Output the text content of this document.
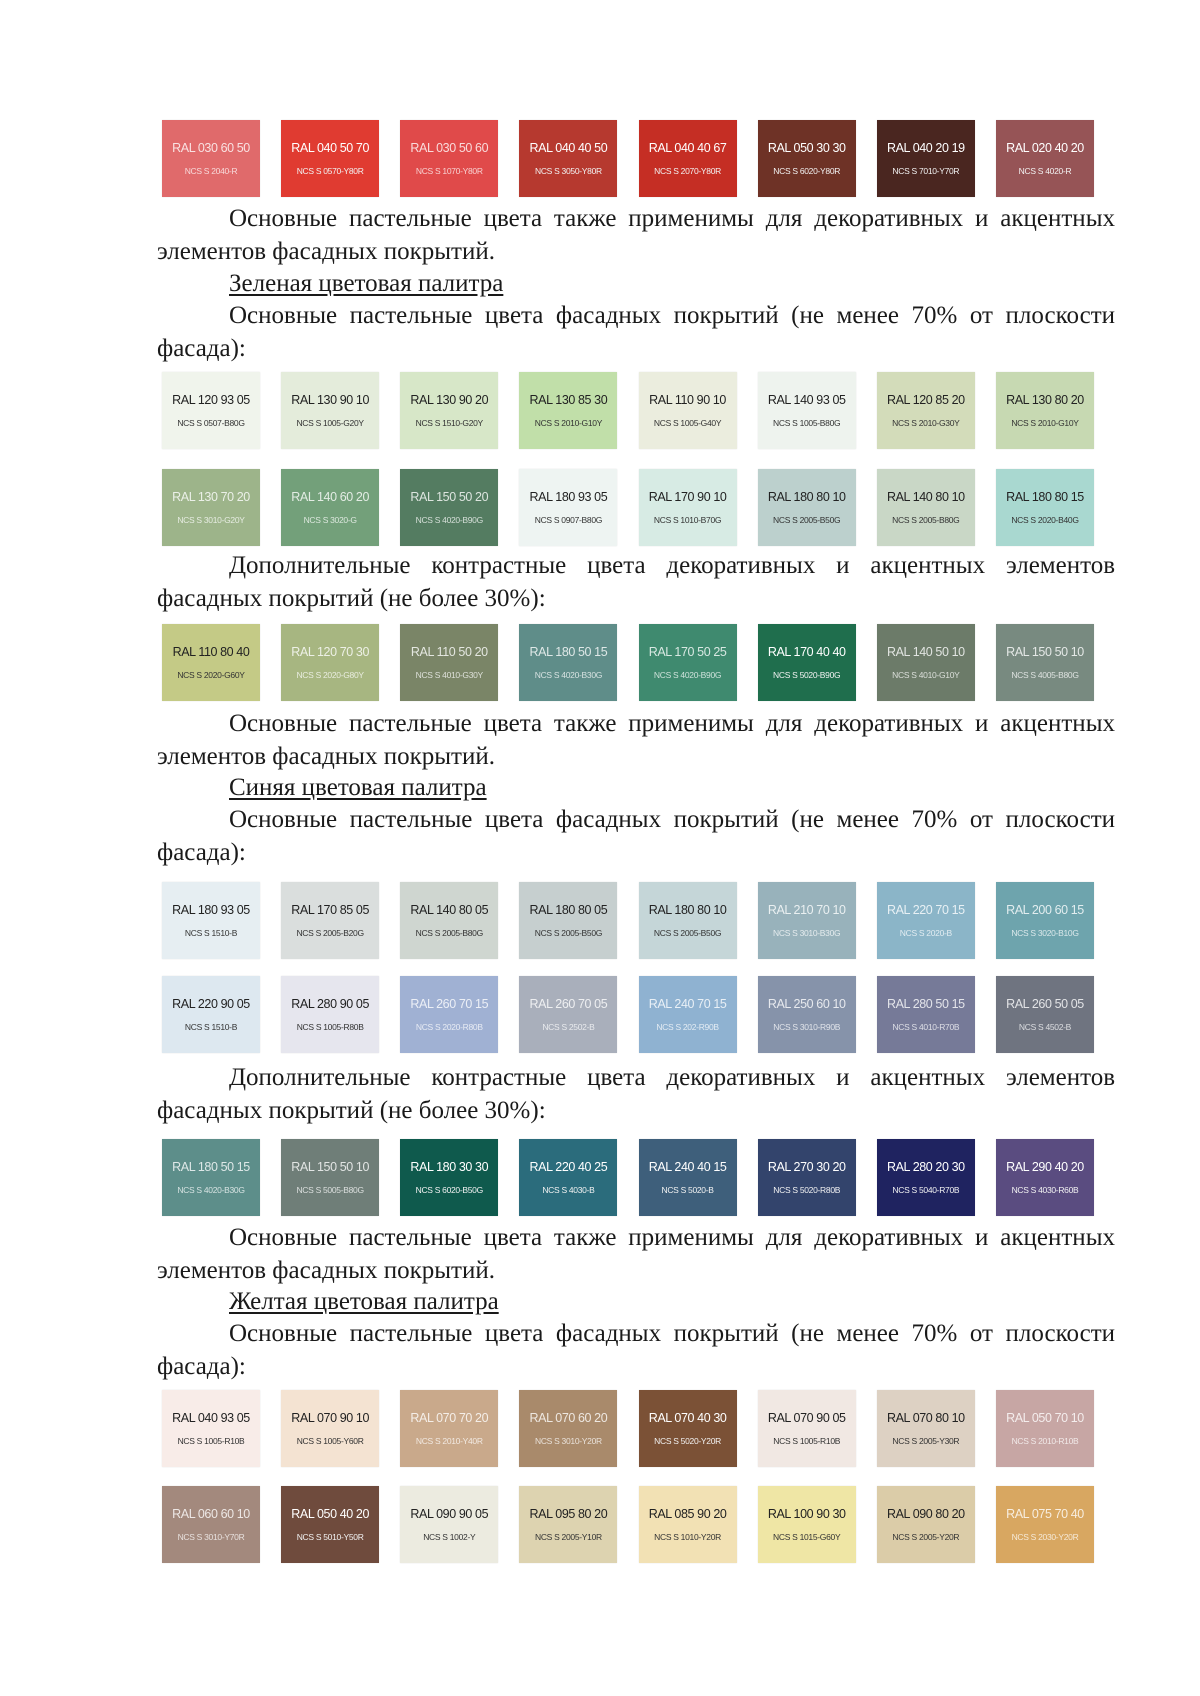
RAL 030 60 50
NCS S 2040-R
RAL 040 50 70
NCS S 0570-Y80R
RAL 030 50 60
NCS S 1070-Y80R
RAL 040 40 50
NCS S 3050-Y80R
RAL 040 40 67
NCS S 2070-Y80R
RAL 050 30 30
NCS S 6020-Y80R
RAL 040 20 19
NCS S 7010-Y70R
RAL 020 40 20
NCS S 4020-R

Основные пастельные цвета также применимы для декоративных и акцентных элементов фасадных покрытий.

Зеленая цветовая палитра

Основные пастельные цвета фасадных покрытий (не менее 70% от плоскости фасада):

RAL 120 93 05
NCS S 0507-B80G
RAL 130 90 10
NCS S 1005-G20Y
RAL 130 90 20
NCS S 1510-G20Y
RAL 130 85 30
NCS S 2010-G10Y
RAL 110 90 10
NCS S 1005-G40Y
RAL 140 93 05
NCS S 1005-B80G
RAL 120 85 20
NCS S 2010-G30Y
RAL 130 80 20
NCS S 2010-G10Y
RAL 130 70 20
NCS S 3010-G20Y
RAL 140 60 20
NCS S 3020-G
RAL 150 50 20
NCS S 4020-B90G
RAL 180 93 05
NCS S 0907-B80G
RAL 170 90 10
NCS S 1010-B70G
RAL 180 80 10
NCS S 2005-B50G
RAL 140 80 10
NCS S 2005-B80G
RAL 180 80 15
NCS S 2020-B40G

Дополнительные контрастные цвета декоративных и акцентных элементов фасадных покрытий (не более 30%):

RAL 110 80 40
NCS S 2020-G60Y
RAL 120 70 30
NCS S 2020-G80Y
RAL 110 50 20
NCS S 4010-G30Y
RAL 180 50 15
NCS S 4020-B30G
RAL 170 50 25
NCS S 4020-B90G
RAL 170 40 40
NCS S 5020-B90G
RAL 140 50 10
NCS S 4010-G10Y
RAL 150 50 10
NCS S 4005-B80G

Основные пастельные цвета также применимы для декоративных и акцентных элементов фасадных покрытий.

Синяя цветовая палитра

Основные пастельные цвета фасадных покрытий (не менее 70% от плоскости фасада):

RAL 180 93 05
NCS S 1510-B
RAL 170 85 05
NCS S 2005-B20G
RAL 140 80 05
NCS S 2005-B80G
RAL 180 80 05
NCS S 2005-B50G
RAL 180 80 10
NCS S 2005-B50G
RAL 210 70 10
NCS S 3010-B30G
RAL 220 70 15
NCS S 2020-B
RAL 200 60 15
NCS S 3020-B10G
RAL 220 90 05
NCS S 1510-B
RAL 280 90 05
NCS S 1005-R80B
RAL 260 70 15
NCS S 2020-R80B
RAL 260 70 05
NCS S 2502-B
RAL 240 70 15
NCS S 202-R90B
RAL 250 60 10
NCS S 3010-R90B
RAL 280 50 15
NCS S 4010-R70B
RAL 260 50 05
NCS S 4502-B

Дополнительные контрастные цвета декоративных и акцентных элементов фасадных покрытий (не более 30%):

RAL 180 50 15
NCS S 4020-B30G
RAL 150 50 10
NCS S 5005-B80G
RAL 180 30 30
NCS S 6020-B50G
RAL 220 40 25
NCS S 4030-B
RAL 240 40 15
NCS S 5020-B
RAL 270 30 20
NCS S 5020-R80B
RAL 280 20 30
NCS S 5040-R70B
RAL 290 40 20
NCS S 4030-R60B

Основные пастельные цвета также применимы для декоративных и акцентных элементов фасадных покрытий.

Желтая цветовая палитра

Основные пастельные цвета фасадных покрытий (не менее 70% от плоскости фасада):

RAL 040 93 05
NCS S 1005-R10B
RAL 070 90 10
NCS S 1005-Y60R
RAL 070 70 20
NCS S 2010-Y40R
RAL 070 60 20
NCS S 3010-Y20R
RAL 070 40 30
NCS S 5020-Y20R
RAL 070 90 05
NCS S 1005-R10B
RAL 070 80 10
NCS S 2005-Y30R
RAL 050 70 10
NCS S 2010-R10B
RAL 060 60 10
NCS S 3010-Y70R
RAL 050 40 20
NCS S 5010-Y50R
RAL 090 90 05
NCS S 1002-Y
RAL 095 80 20
NCS S 2005-Y10R
RAL 085 90 20
NCS S 1010-Y20R
RAL 100 90 30
NCS S 1015-G60Y
RAL 090 80 20
NCS S 2005-Y20R
RAL 075 70 40
NCS S 2030-Y20R
